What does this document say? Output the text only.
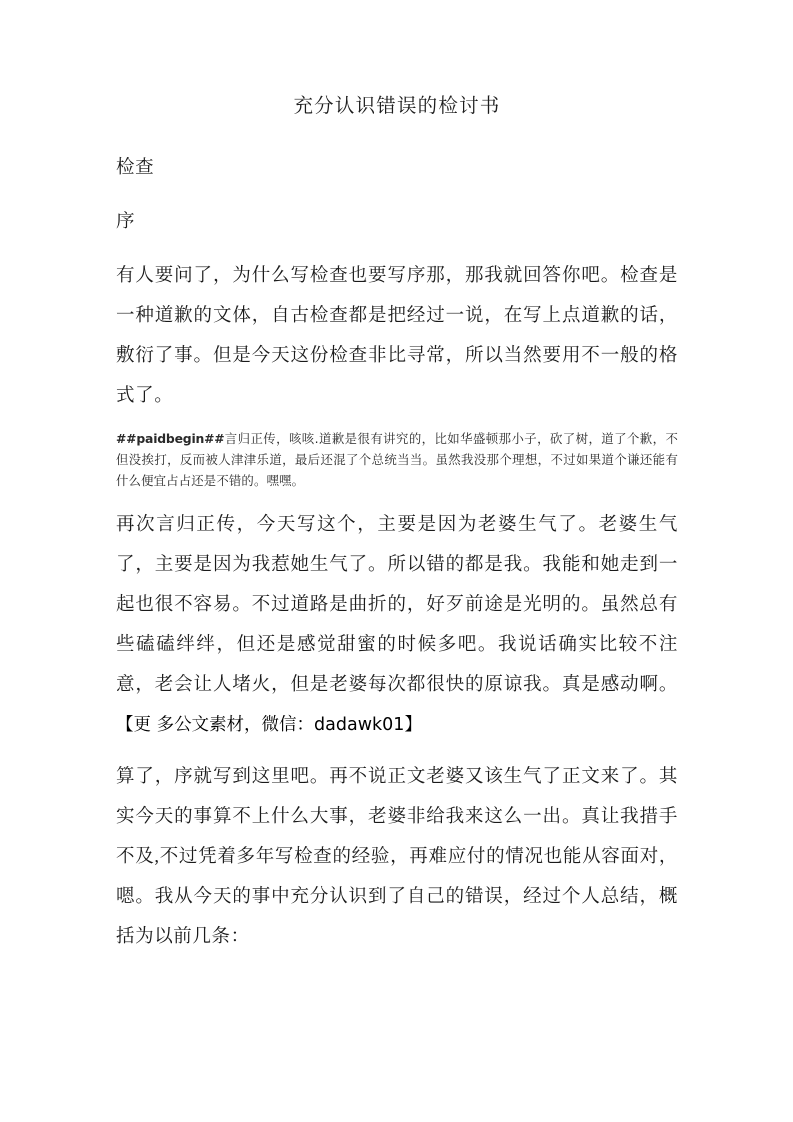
充分认识错误的检讨书

检查

序

有人要问了，为什么写检查也要写序那，那我就回答你吧。检查是一种道歉的文体，自古检查都是把经过一说，在写上点道歉的话，敷衍了事。但是今天这份检查非比寻常，所以当然要用不一般的格式了。

##paidbegin##言归正传，咳咳.道歉是很有讲究的，比如华盛顿那小子，砍了树，道了个歉，不但没挨打，反而被人津津乐道，最后还混了个总统当当。虽然我没那个理想，不过如果道个谦还能有什么便宜占占还是不错的。嘿嘿。

再次言归正传，今天写这个，主要是因为老婆生气了。老婆生气了，主要是因为我惹她生气了。所以错的都是我。我能和她走到一起也很不容易。不过道路是曲折的，好歹前途是光明的。虽然总有些磕磕绊绊，但还是感觉甜蜜的时候多吧。我说话确实比较不注意，老会让人堵火，但是老婆每次都很快的原谅我。真是感动啊。【更 多公文素材，微信：dadawk01】

算了，序就写到这里吧。再不说正文老婆又该生气了正文来了。其实今天的事算不上什么大事，老婆非给我来这么一出。真让我措手不及,不过凭着多年写检查的经验，再难应付的情况也能从容面对，嗯。我从今天的事中充分认识到了自己的错误，经过个人总结，概括为以前几条：
